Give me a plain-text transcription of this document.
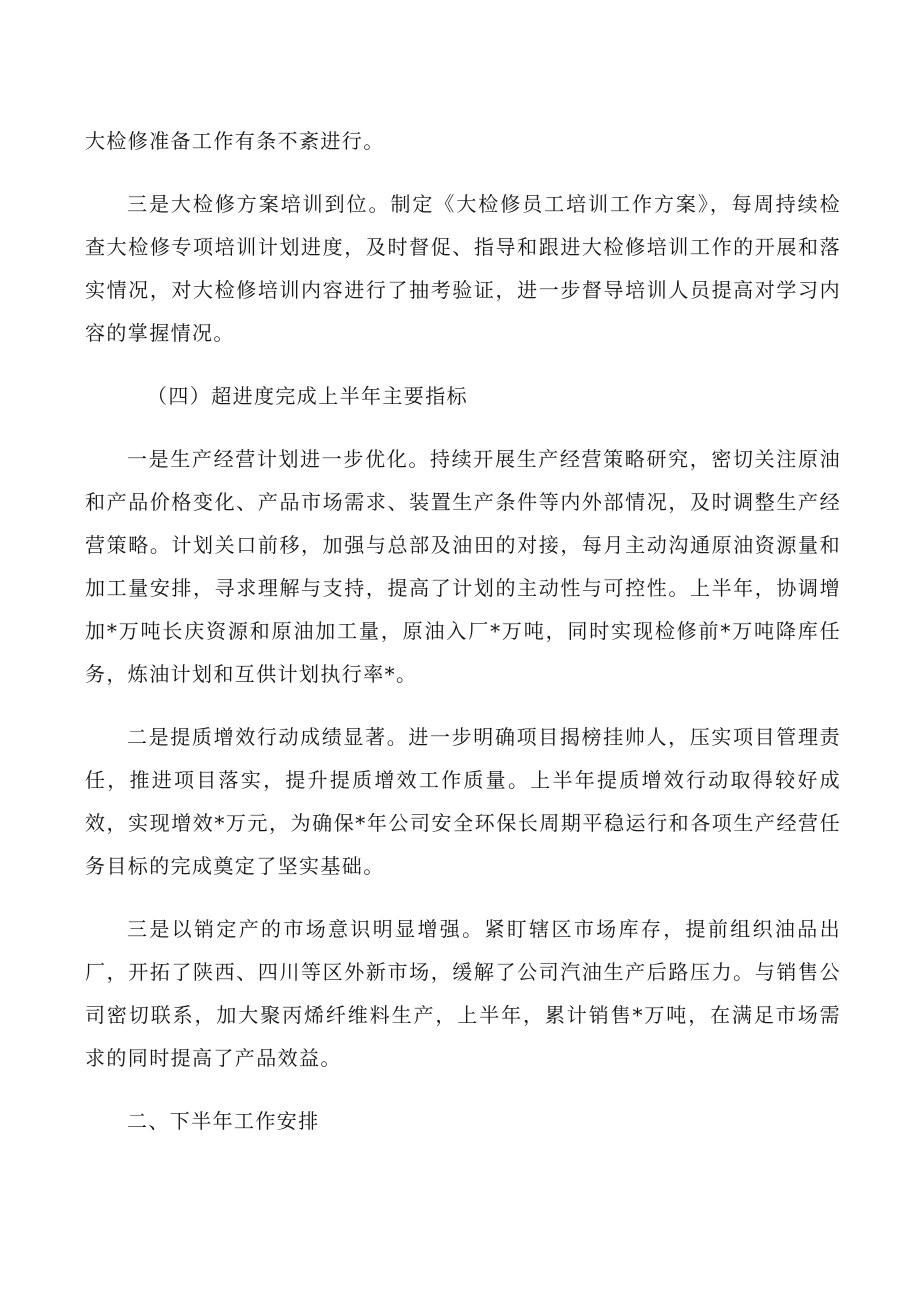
大检修准备工作有条不紊进行。

三是大检修方案培训到位。制定《大检修员工培训工作方案》，每周持续检查大检修专项培训计划进度，及时督促、指导和跟进大检修培训工作的开展和落实情况，对大检修培训内容进行了抽考验证，进一步督导培训人员提高对学习内容的掌握情况。

（四）超进度完成上半年主要指标

一是生产经营计划进一步优化。持续开展生产经营策略研究，密切关注原油和产品价格变化、产品市场需求、装置生产条件等内外部情况，及时调整生产经营策略。计划关口前移，加强与总部及油田的对接，每月主动沟通原油资源量和加工量安排，寻求理解与支持，提高了计划的主动性与可控性。上半年，协调增加*万吨长庆资源和原油加工量，原油入厂*万吨，同时实现检修前*万吨降库任务，炼油计划和互供计划执行率*。

二是提质增效行动成绩显著。进一步明确项目揭榜挂帅人，压实项目管理责任，推进项目落实，提升提质增效工作质量。上半年提质增效行动取得较好成效，实现增效*万元，为确保*年公司安全环保长周期平稳运行和各项生产经营任务目标的完成奠定了坚实基础。

三是以销定产的市场意识明显增强。紧盯辖区市场库存，提前组织油品出厂，开拓了陕西、四川等区外新市场，缓解了公司汽油生产后路压力。与销售公司密切联系，加大聚丙烯纤维料生产，上半年，累计销售*万吨，在满足市场需求的同时提高了产品效益。

二、下半年工作安排
